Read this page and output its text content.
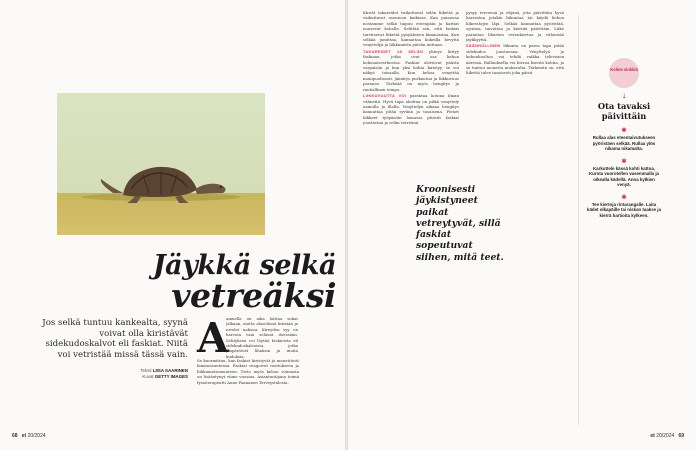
Jäykkä selkä
vetreäksi

Jos selkä tuntuu kankealta, syynä voivat olla kiristävät sidekudoskalvot eli faskiat. Niitä voi vetristää missä tässä vain.

Teksti LIISA SAARINEN
Kuvat GETTY IMAGES
A

amuella on aika laittaa sukat jalkaan, mutta alaselässä kiristää ja nivelet naksuu. Kireyden syy on harvoin vain selässä itsessään. Selityksen voi löytää faskioista eli sidekudoskalvoista, jotka ympäröivät lihaksia ja muita kudoksia.

Se kuormittuu, kun faskiat kiristyvät ja menettävät kimmoisuutensa. Faskiat reagoivat rasitukseen ja liikkumattomuuteen. Tieto myös kehon voimasta on lisääntynyt viime vuosina. Asiantuntijana toimii fysioterapeutti Anne Paananen Terveystalosta.

68 et 20/2024

Kireät takareidet vaikuttavat selän liikettä ja vaikuttavat asentoon kaikissa. Kun painavaa nostamme selkä taipuu eteenpäin ja hartiat nousevat koholle. Selittää sen, että faskiat tarvitsevat liikettä pysyäkseen kimmoisina. Kun selkää jumittaa, kannattaa kokeilla kevyttä venyttelyä ja liikkumista päivän mittaan.

TAKAREIDET JA SELÄN yhteys liittyy faskiaan, jotka ovat osa kehon kokonaisverkostoa. Faskiat ulottuvat päästä varpaisiin ja kun yksi kohta kiristyy, se voi näkyä toisaalla. Kun kehoa venyttää monipuolisesti, jännitys purkautuu ja liikkuvuus paranee. Tärkeää on myös hengitys ja rauhallinen tempo.

LIIKKUVUUTTA VOI parantaa kotona ilman välineitä. Hyvä tapa aloittaa on pitkä venyttely aamulla ja illalla. Venyttelyn aikana hengitys kannattaa pitää syvänä ja tasaisena. Pienet liikkeet työpäivän lomassa pitävät faskiat joustavina ja selän vetreänä.

pysyy terveenä ja ehjänä, jota päivittäin hyvä harrastaa jotakin liikuntaa tai käydä kehon liikeratojen läpi. Selkää kannattaa pyöristää, ojentaa, taivuttaa ja kiertää päivittäin. Liike parantaa lihasten verenkiertoa ja vähentää jäykkyyttä.

SÄÄNNÖLLINEN liikunta on paras tapa pitää sidekudos joustavana. Venyttelyä ja kehonhuoltoa voi tehdä vaikka television ääressä. Rullauksella voi hieroa kireitä kohtia, ja se tuntuu monesta mukavalta. Tärkeintä on, että liikettä tulee tasaisesti joka päivä.

Kroonisesti jäykistyneet paikat vetreytyvät, sillä faskiat sopeutuvat siihen, mitä teet.
Kolme vinkkiä
↓
Ota tavaksi päivittäin
✱
Rullaa alas eteentaivutukseen pyöristäen selkää. Rullaa ylös nikama nikamalta.
✱
Karkottele kässä kohti kattoa. Kurota vuorotellen vasemmalla ja oikealla kädellä. Anna kylkien venyä.
✱
Tee kiertoja rintarangalle. Laita kädet olkapäille tai niskan taakse ja kierrä hartioita kylkeen.
et 20/2024 69
